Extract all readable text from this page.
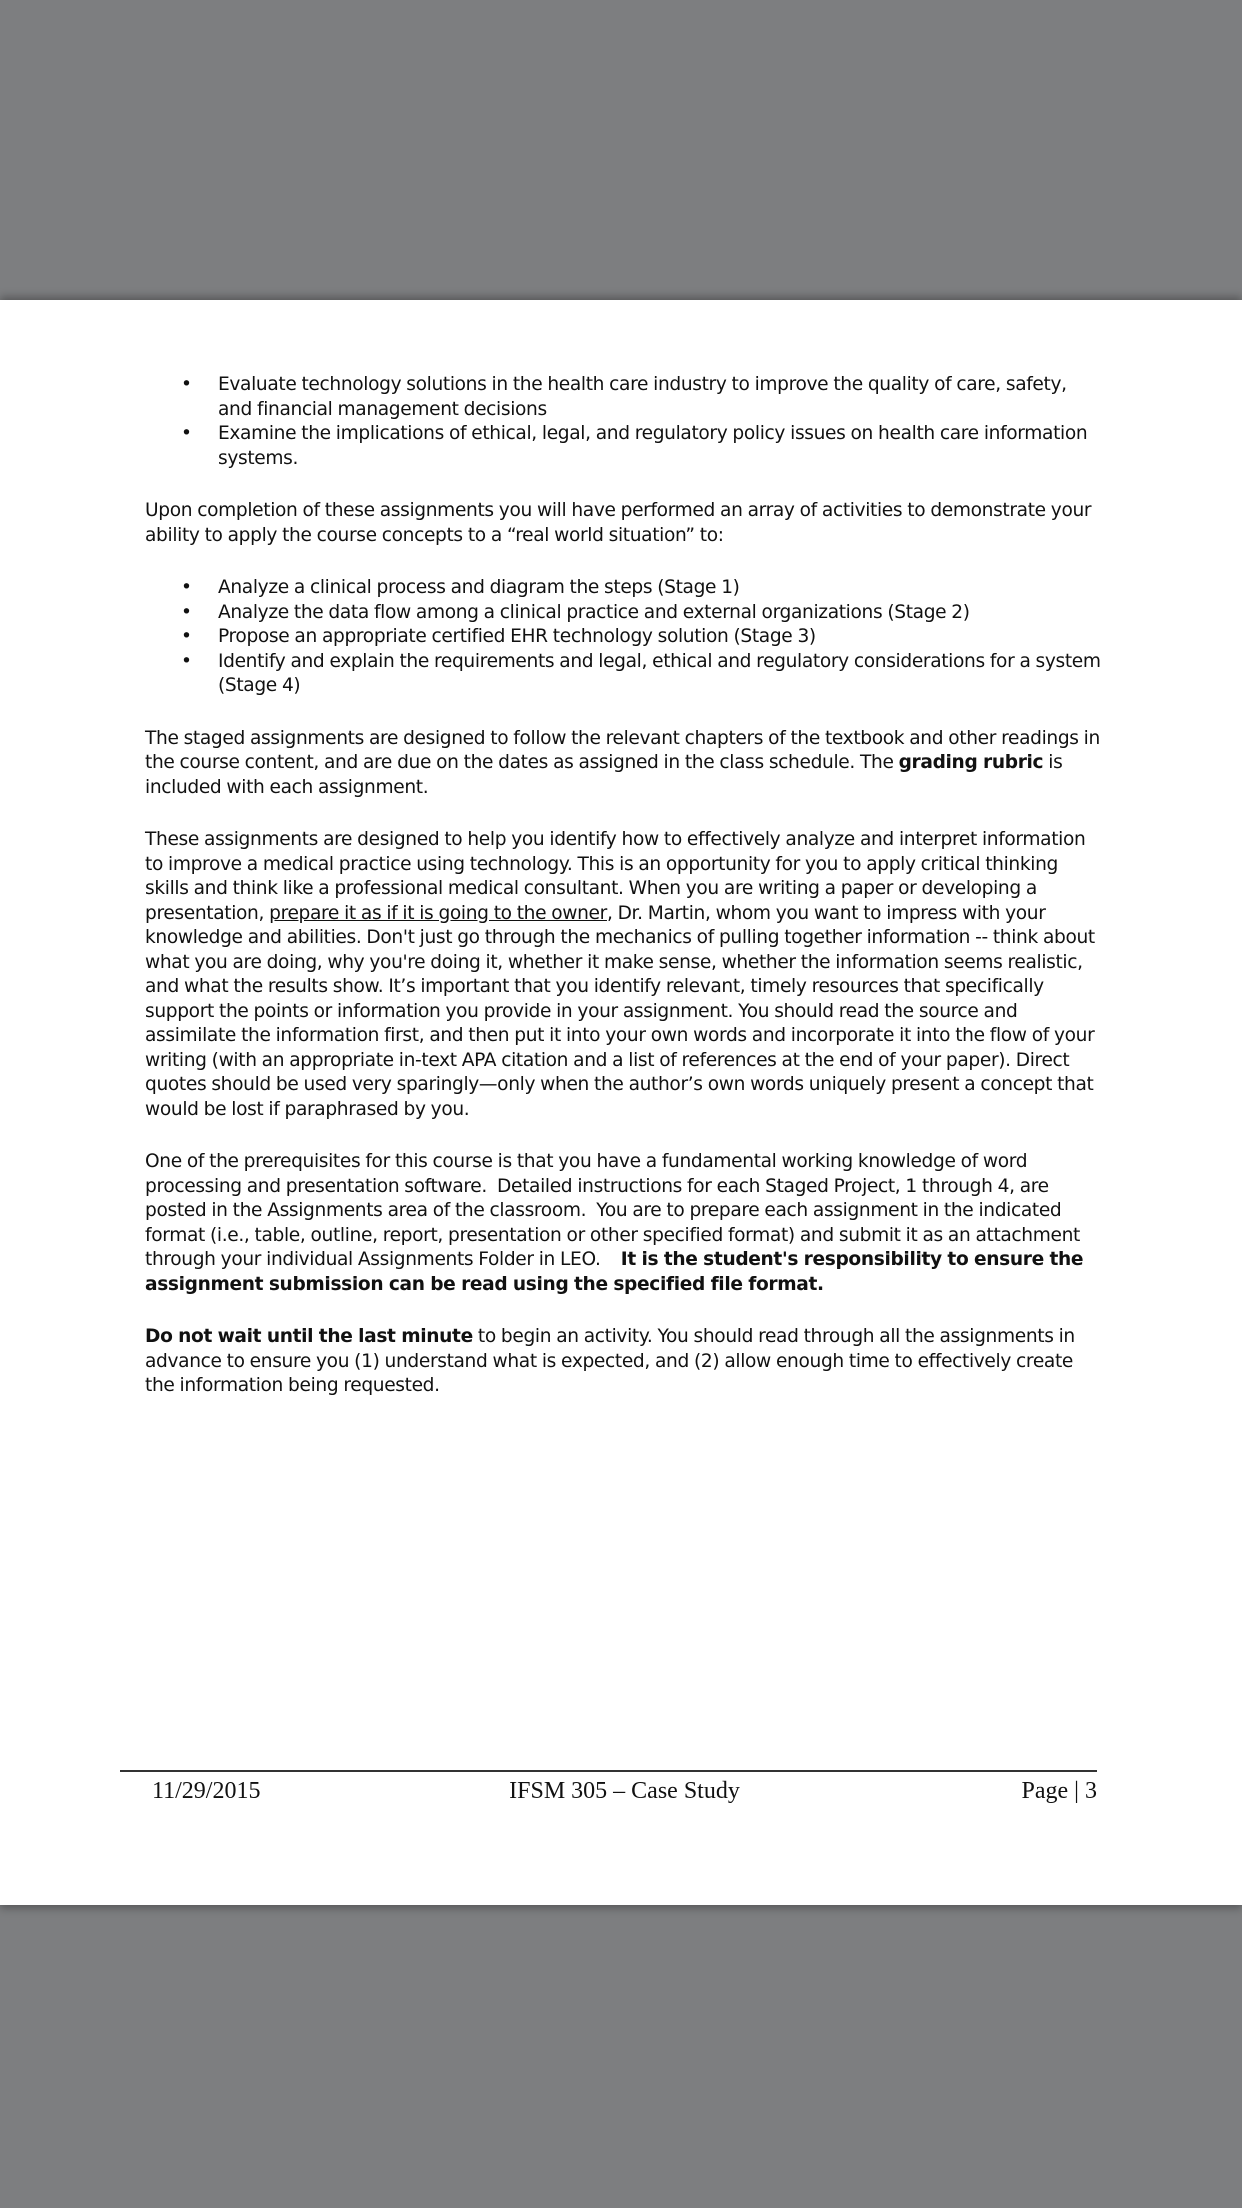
• Evaluate technology solutions in the health care industry to improve the quality of care, safety, and financial management decisions
• Examine the implications of ethical, legal, and regulatory policy issues on health care information systems.

Upon completion of these assignments you will have performed an array of activities to demonstrate your ability to apply the course concepts to a “real world situation” to:

• Analyze a clinical process and diagram the steps (Stage 1)
• Analyze the data flow among a clinical practice and external organizations (Stage 2)
• Propose an appropriate certified EHR technology solution (Stage 3)
• Identify and explain the requirements and legal, ethical and regulatory considerations for a system (Stage 4)

The staged assignments are designed to follow the relevant chapters of the textbook and other readings in the course content, and are due on the dates as assigned in the class schedule. The grading rubric is included with each assignment.

These assignments are designed to help you identify how to effectively analyze and interpret information to improve a medical practice using technology. This is an opportunity for you to apply critical thinking skills and think like a professional medical consultant. When you are writing a paper or developing a presentation, prepare it as if it is going to the owner, Dr. Martin, whom you want to impress with your knowledge and abilities. Don't just go through the mechanics of pulling together information -- think about what you are doing, why you're doing it, whether it make sense, whether the information seems realistic, and what the results show. It’s important that you identify relevant, timely resources that specifically support the points or information you provide in your assignment. You should read the source and assimilate the information first, and then put it into your own words and incorporate it into the flow of your writing (with an appropriate in-text APA citation and a list of references at the end of your paper). Direct quotes should be used very sparingly—only when the author’s own words uniquely present a concept that would be lost if paraphrased by you.

One of the prerequisites for this course is that you have a fundamental working knowledge of word processing and presentation software.  Detailed instructions for each Staged Project, 1 through 4, are posted in the Assignments area of the classroom.  You are to prepare each assignment in the indicated format (i.e., table, outline, report, presentation or other specified format) and submit it as an attachment through your individual Assignments Folder in LEO.    It is the student's responsibility to ensure the assignment submission can be read using the specified file format.

Do not wait until the last minute to begin an activity. You should read through all the assignments in advance to ensure you (1) understand what is expected, and (2) allow enough time to effectively create the information being requested.

11/29/2015	IFSM 305 – Case Study	Page | 3
